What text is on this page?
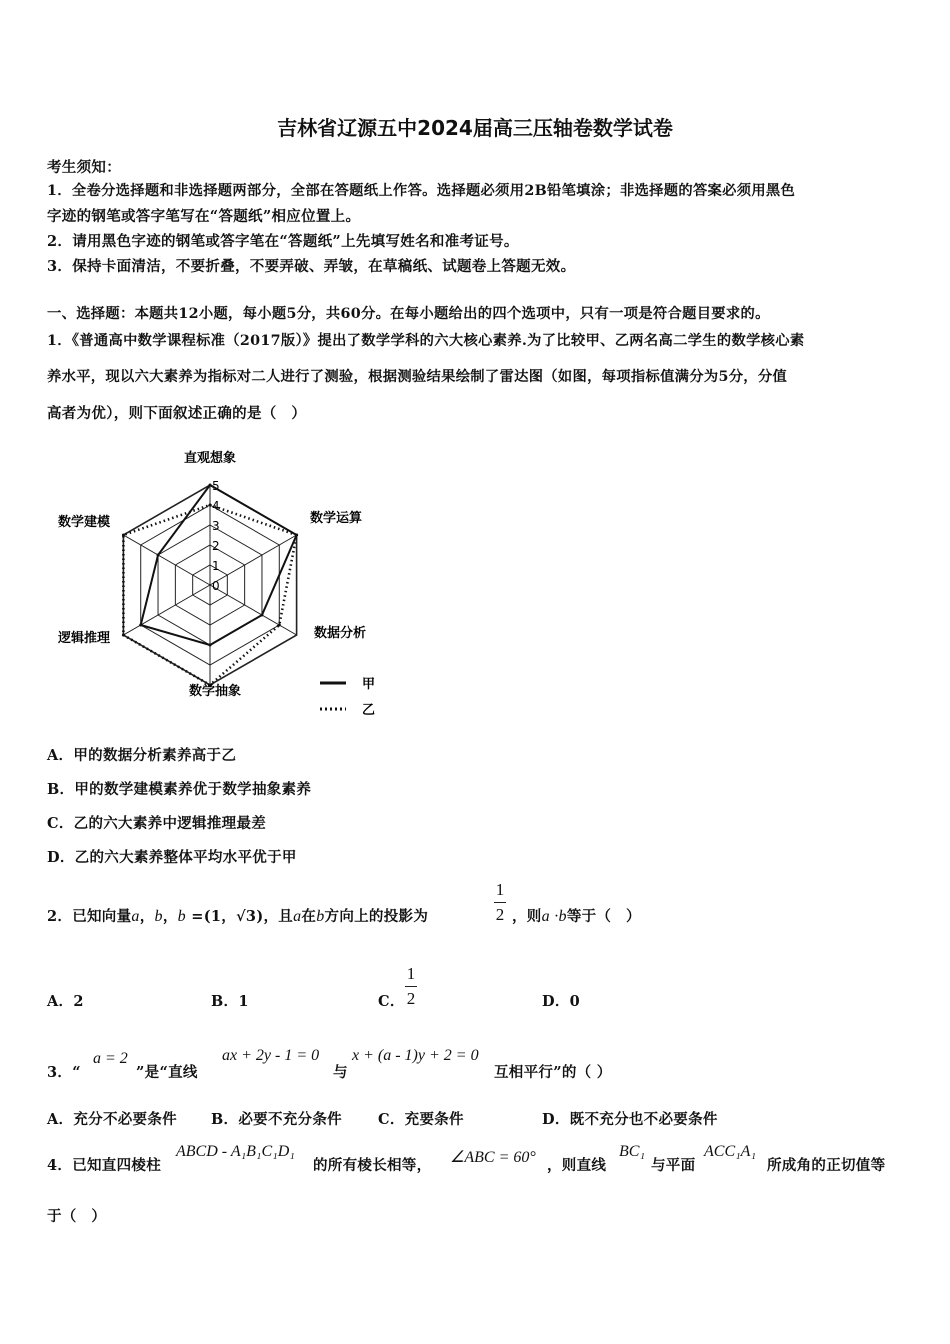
吉林省辽源五中2024届高三压轴卷数学试卷
考生须知：
1．全卷分选择题和非选择题两部分，全部在答题纸上作答。选择题必须用2B铅笔填涂；非选择题的答案必须用黑色
字迹的钢笔或答字笔写在“答题纸”相应位置上。
2．请用黑色字迹的钢笔或答字笔在“答题纸”上先填写姓名和准考证号。
3．保持卡面清洁，不要折叠，不要弄破、弄皱，在草稿纸、试题卷上答题无效。
一、选择题：本题共12小题，每小题5分，共60分。在每小题给出的四个选项中，只有一项是符合题目要求的。
1．《普通高中数学课程标准（2017版）》提出了数学学科的六大核心素养.为了比较甲、乙两名高二学生的数学核心素
养水平，现以六大素养为指标对二人进行了测验，根据测验结果绘制了雷达图（如图，每项指标值满分为5分，分值
高者为优），则下面叙述正确的是（　）
0
1
2
3
4
5
直观想象
数学运算
数据分析
数学抽象
逻辑推理
数学建模
甲
乙
A．甲的数据分析素养高于乙
B．甲的数学建模素养优于数学抽象素养
C．乙的六大素养中逻辑推理最差
D．乙的六大素养整体平均水平优于甲
2．已知向量a，b，b =(1，√3)，且a在b方向上的投影为
1
2 ，则a ·b等于（　）
A．2	B．1	C．
1
2	D．0
3．“
a = 2
”是“直线
ax + 2y - 1 = 0
与
x + (a - 1)y + 2 = 0
互相平行”的（ ）
A．充分不必要条件 B．必要不充分条件 C．充要条件	D．既不充分也不必要条件
4．已知直四棱柱
ABCD - A₁B₁C₁D₁
的所有棱长相等， ∠ABC = 60° ，则直线
BC₁
与平面
ACC₁A₁
所成角的正切值等
于（　）
